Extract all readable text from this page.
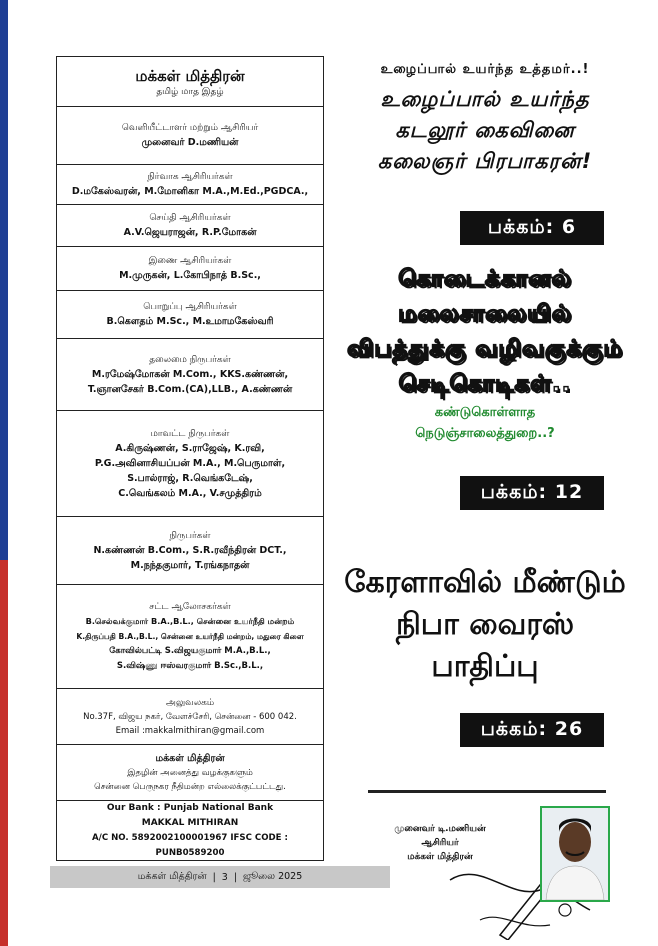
மக்கள் மித்திரன்
தமிழ் மாத இதழ்
வெளியீட்டாளர் மற்றும் ஆசிரியர்
முனைவர் D.மணியன்
நிர்வாக ஆசிரியர்கள்
D.மகேஸ்வரன், M.மோனிகா M.A.,M.Ed.,PGDCA.,
செய்தி ஆசிரியர்கள்
A.V.ஜெயராஜன், R.P.மோகன்
இணை ஆசிரியர்கள்
M.முருகன், L.கோபிநாத் B.Sc.,
பொறுப்பு ஆசிரியர்கள்
B.கௌதம் M.Sc., M.உமாமகேஸ்வரி
தலைமை நிருபர்கள்
M.ரமேஷ்மோகன் M.Com., KKS.கண்ணன்,
T.ஞானசேகர் B.Com.(CA),LLB., A.கண்ணன்
மாவட்ட நிருபர்கள்
A.கிருஷ்ணன், S.ராஜேஷ், K.ரவி,
P.G.அவினாசியப்பன் M.A., M.பெருமாள்,
S.பால்ராஜ், R.வெங்கடேஷ்,
C.வெங்கலம் M.A., V.சமுத்திரம்
நிருபர்கள்
N.கண்ணன் B.Com., S.R.ரவீந்திரன் DCT.,
M.நந்தகுமார், T.ரங்கநாதன்
சட்ட ஆலோசகர்கள்
B.செல்வக்குமார் B.A.,B.L., சென்னை உயர்நீதி மன்றம்
K.திருப்பதி B.A.,B.L., சென்னை உயர்நீதி மன்றம், மதுரை கிளை
கோவில்பட்டி S.விஜயகுமார் M.A.,B.L.,
S.விஷ்ணு ஈஸ்வரகுமார் B.Sc.,B.L.,
அலுவலகம்
No.37F, விஜய நகர், வேளச்சேரி, சென்னை - 600 042.
Email :makkalmithiran@gmail.com
மக்கள் மித்திரன்
இதழின் அனைத்து வழக்குகளும்
சென்னை பெருநகர நீதிமன்ற எல்லைக்குட்பட்டது.
Our Bank : Punjab National Bank
MAKKAL MITHIRAN
A/C NO. 5892002100001967 IFSC CODE : PUNB0589200
மக்கள் மித்திரன் | 3 | ஜூலை 2025
உழைப்பால் உயர்ந்த உத்தமர்..!
உழைப்பால் உயர்ந்த
கடலூர் கைவினை
கலைஞர் பிரபாகரன்!
பக்கம்: 6
கொடைக்கானல்
மலைசாலையில்
விபத்துக்கு வழிவகுக்கும்
செடிகொடிகள்..
கண்டுகொள்ளாத
நெடுஞ்சாலைத்துறை..?
பக்கம்: 12
கேரளாவில் மீண்டும்
நிபா வைரஸ்
பாதிப்பு
பக்கம்: 26
முனைவர் டி.மணியன்
ஆசிரியர்
மக்கள் மித்திரன்
